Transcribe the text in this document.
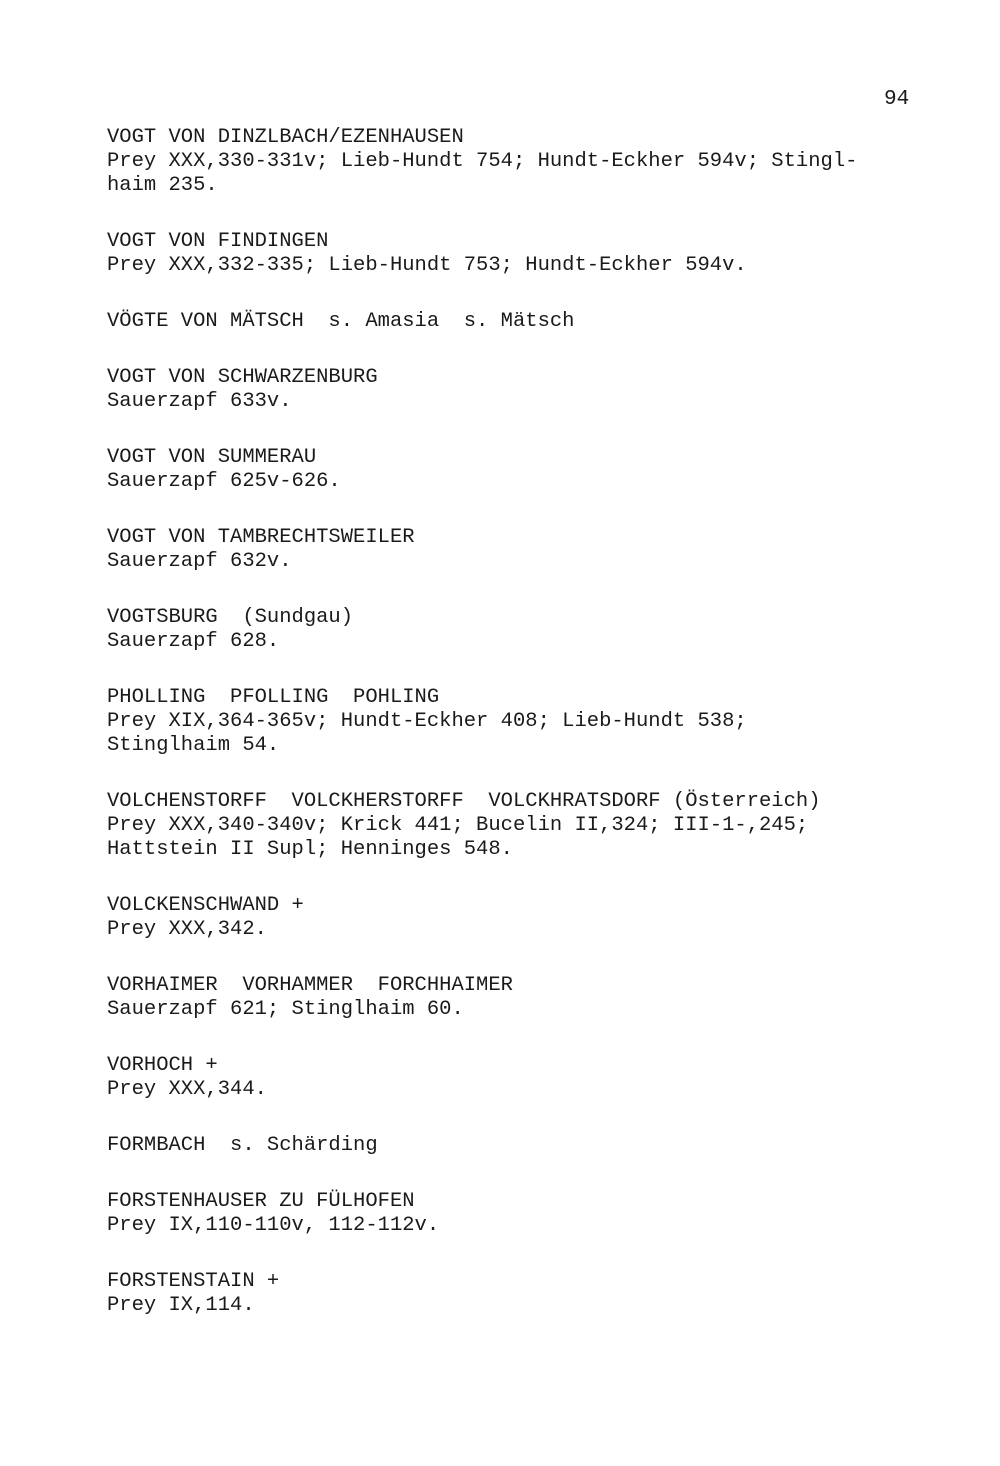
94
VOGT VON DINZLBACH/EZENHAUSEN
Prey XXX,330-331v; Lieb-Hundt 754; Hundt-Eckher 594v; Stingl-
haim 235.
VOGT VON FINDINGEN
Prey XXX,332-335; Lieb-Hundt 753; Hundt-Eckher 594v.
VÖGTE VON MÄTSCH  s. Amasia  s. Mätsch
VOGT VON SCHWARZENBURG
Sauerzapf 633v.
VOGT VON SUMMERAU
Sauerzapf 625v-626.
VOGT VON TAMBRECHTSWEILER
Sauerzapf 632v.
VOGTSBURG  (Sundgau)
Sauerzapf 628.
PHOLLING  PFOLLING  POHLING
Prey XIX,364-365v; Hundt-Eckher 408; Lieb-Hundt 538;
Stinglhaim 54.
VOLCHENSTORFF  VOLCKHERSTORFF  VOLCKHRATSDORF (Österreich)
Prey XXX,340-340v; Krick 441; Bucelin II,324; III-1-,245;
Hattstein II Supl; Henninges 548.
VOLCKENSCHWAND +
Prey XXX,342.
VORHAIMER  VORHAMMER  FORCHHAIMER
Sauerzapf 621; Stinglhaim 60.
VORHOCH +
Prey XXX,344.
FORMBACH  s. Schärding
FORSTENHAUSER ZU FÜLHOFEN
Prey IX,110-110v, 112-112v.
FORSTENSTAIN +
Prey IX,114.
